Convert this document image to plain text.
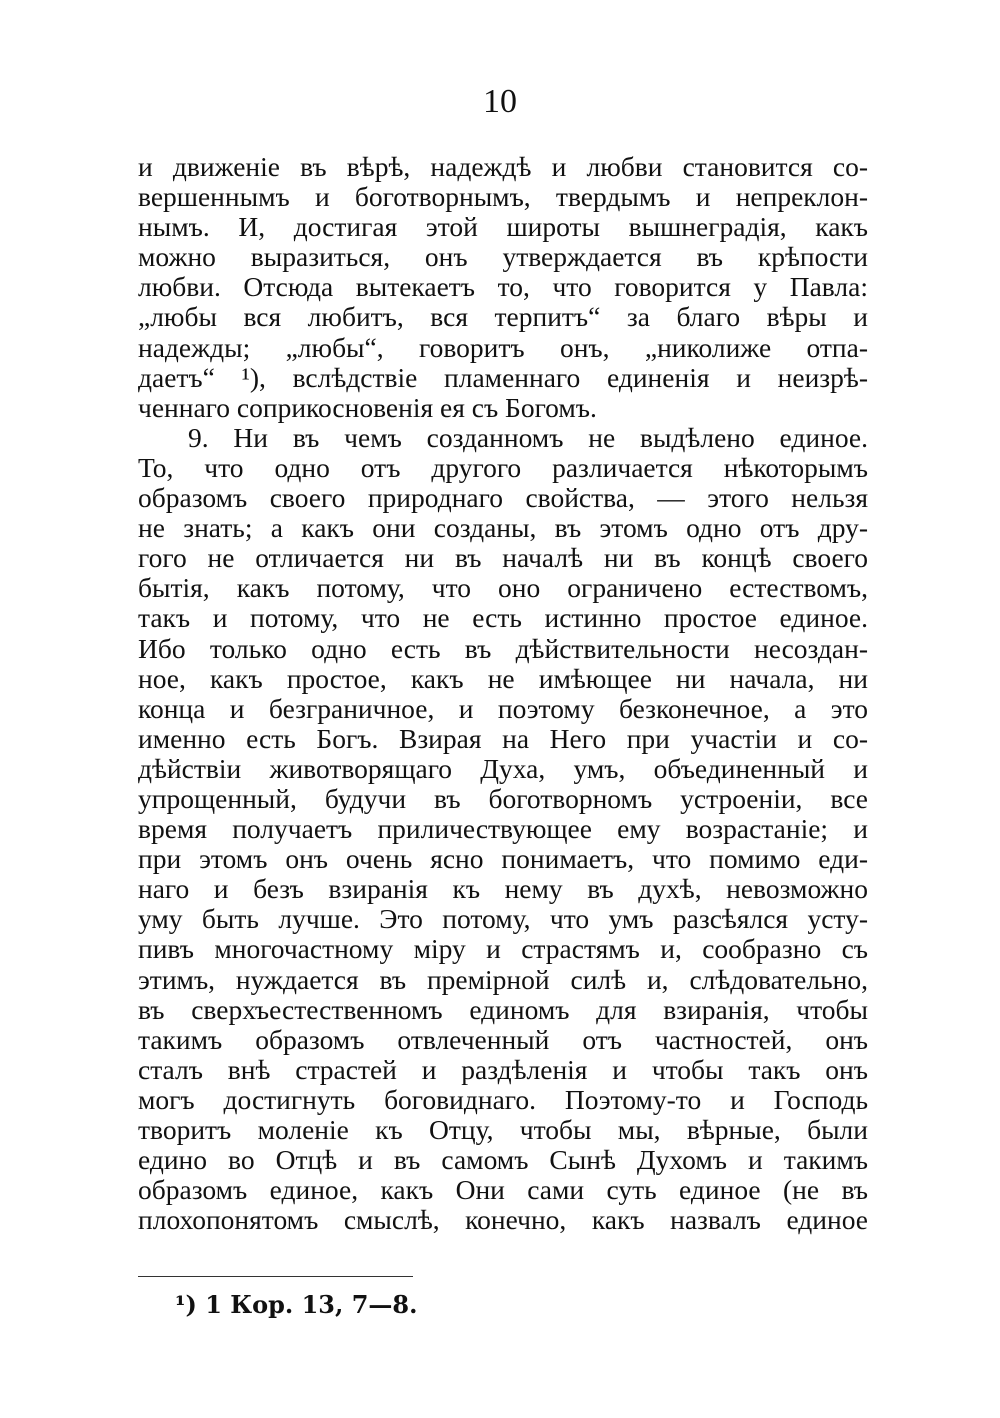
10
и движеніе въ вѣрѣ, надеждѣ и любви становится со-
вершеннымъ и боготворнымъ, твердымъ и непреклон-
нымъ. И, достигая этой широты вышнеградія, какъ
можно выразиться, онъ утверждается въ крѣпости
любви. Отсюда вытекаетъ то, что говорится у Павла:
„любы вся любитъ, вся терпитъ“ за благо вѣры и
надежды; „любы“, говоритъ онъ, „николиже отпа-
даетъ“ ¹), вслѣдствіе пламеннаго единенія и неизрѣ-
ченнаго соприкосновенія ея съ Богомъ.
9. Ни въ чемъ созданномъ не выдѣлено единое.
То, что одно отъ другого различается нѣкоторымъ
образомъ своего природнаго свойства, — этого нельзя
не знать; а какъ они созданы, въ этомъ одно отъ дру-
гого не отличается ни въ началѣ ни въ концѣ своего
бытія, какъ потому, что оно ограничено естествомъ,
такъ и потому, что не есть истинно простое единое.
Ибо только одно есть въ дѣйствительности несоздан-
ное, какъ простое, какъ не имѣющее ни начала, ни
конца и безграничное, и поэтому безконечное, а это
именно есть Богъ. Взирая на Него при участіи и со-
дѣйствіи животворящаго Духа, умъ, объединенный и
упрощенный, будучи въ боготворномъ устроеніи, все
время получаетъ приличествующее ему возрастаніе; и
при этомъ онъ очень ясно понимаетъ, что помимо еди-
наго и безъ взиранія къ нему въ духѣ, невозможно
уму быть лучше. Это потому, что умъ разсѣялся усту-
пивъ многочастному міру и страстямъ и, сообразно съ
этимъ, нуждается въ премірной силѣ и, слѣдовательно,
въ сверхъестественномъ единомъ для взиранія, чтобы
такимъ образомъ отвлеченный отъ частностей, онъ
сталъ внѣ страстей и раздѣленія и чтобы такъ онъ
могъ достигнуть боговиднаго. Поэтому-то и Господь
творитъ моленіе къ Отцу, чтобы мы, вѣрные, были
едино во Отцѣ и въ самомъ Сынѣ Духомъ и такимъ
образомъ единое, какъ Они сами суть единое (не въ
плохопонятомъ смыслѣ, конечно, какъ назвалъ единое
¹) 1 Кор. 13, 7—8.
